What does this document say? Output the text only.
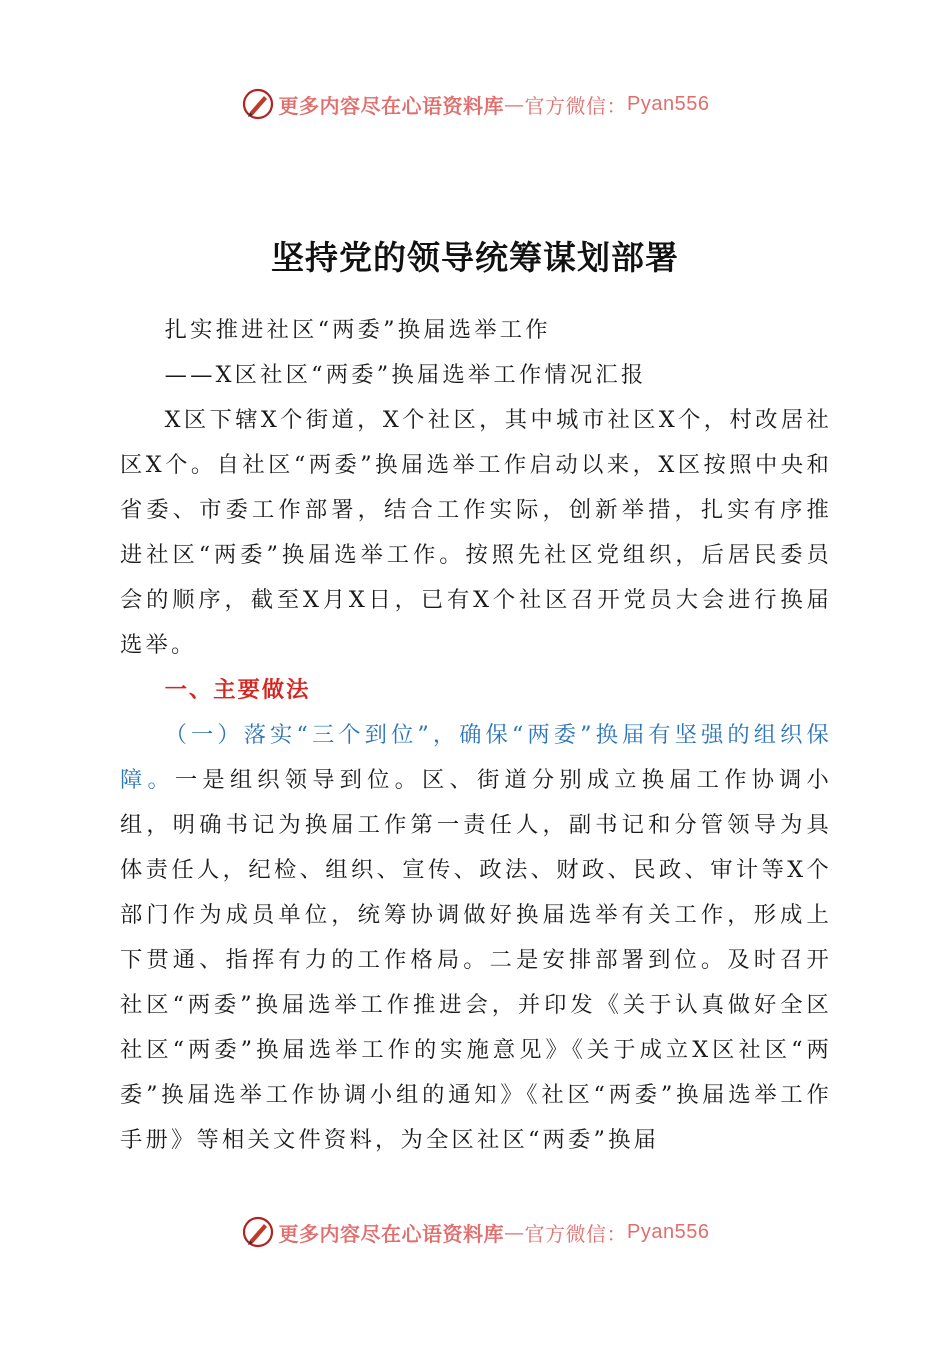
更多内容尽在心语资料库 — 官方微信： Pyan556
坚持党的领导统筹谋划部署

扎实推进社区“两委”换届选举工作

——X区社区“两委”换届选举工作情况汇报

X区下辖X个街道，X个社区，其中城市社区X个，村改居社区X个。自社区“两委”换届选举工作启动以来，X区按照中央和省委、市委工作部署，结合工作实际，创新举措，扎实有序推进社区“两委”换届选举工作。按照先社区党组织，后居民委员会的顺序，截至X月X日，已有X个社区召开党员大会进行换届选举。

一、主要做法

（一）落实“三个到位”，确保“两委”换届有坚强的组织保障。一是组织领导到位。区、街道分别成立换届工作协调小组，明确书记为换届工作第一责任人，副书记和分管领导为具体责任人，纪检、组织、宣传、政法、财政、民政、审计等X个部门作为成员单位，统筹协调做好换届选举有关工作，形成上下贯通、指挥有力的工作格局。二是安排部署到位。及时召开社区“两委”换届选举工作推进会，并印发《关于认真做好全区社区“两委”换届选举工作的实施意见》《关于成立X区社区“两委”换届选举工作协调小组的通知》《社区“两委”换届选举工作手册》等相关文件资料，为全区社区“两委”换届

更多内容尽在心语资料库 — 官方微信： Pyan556
